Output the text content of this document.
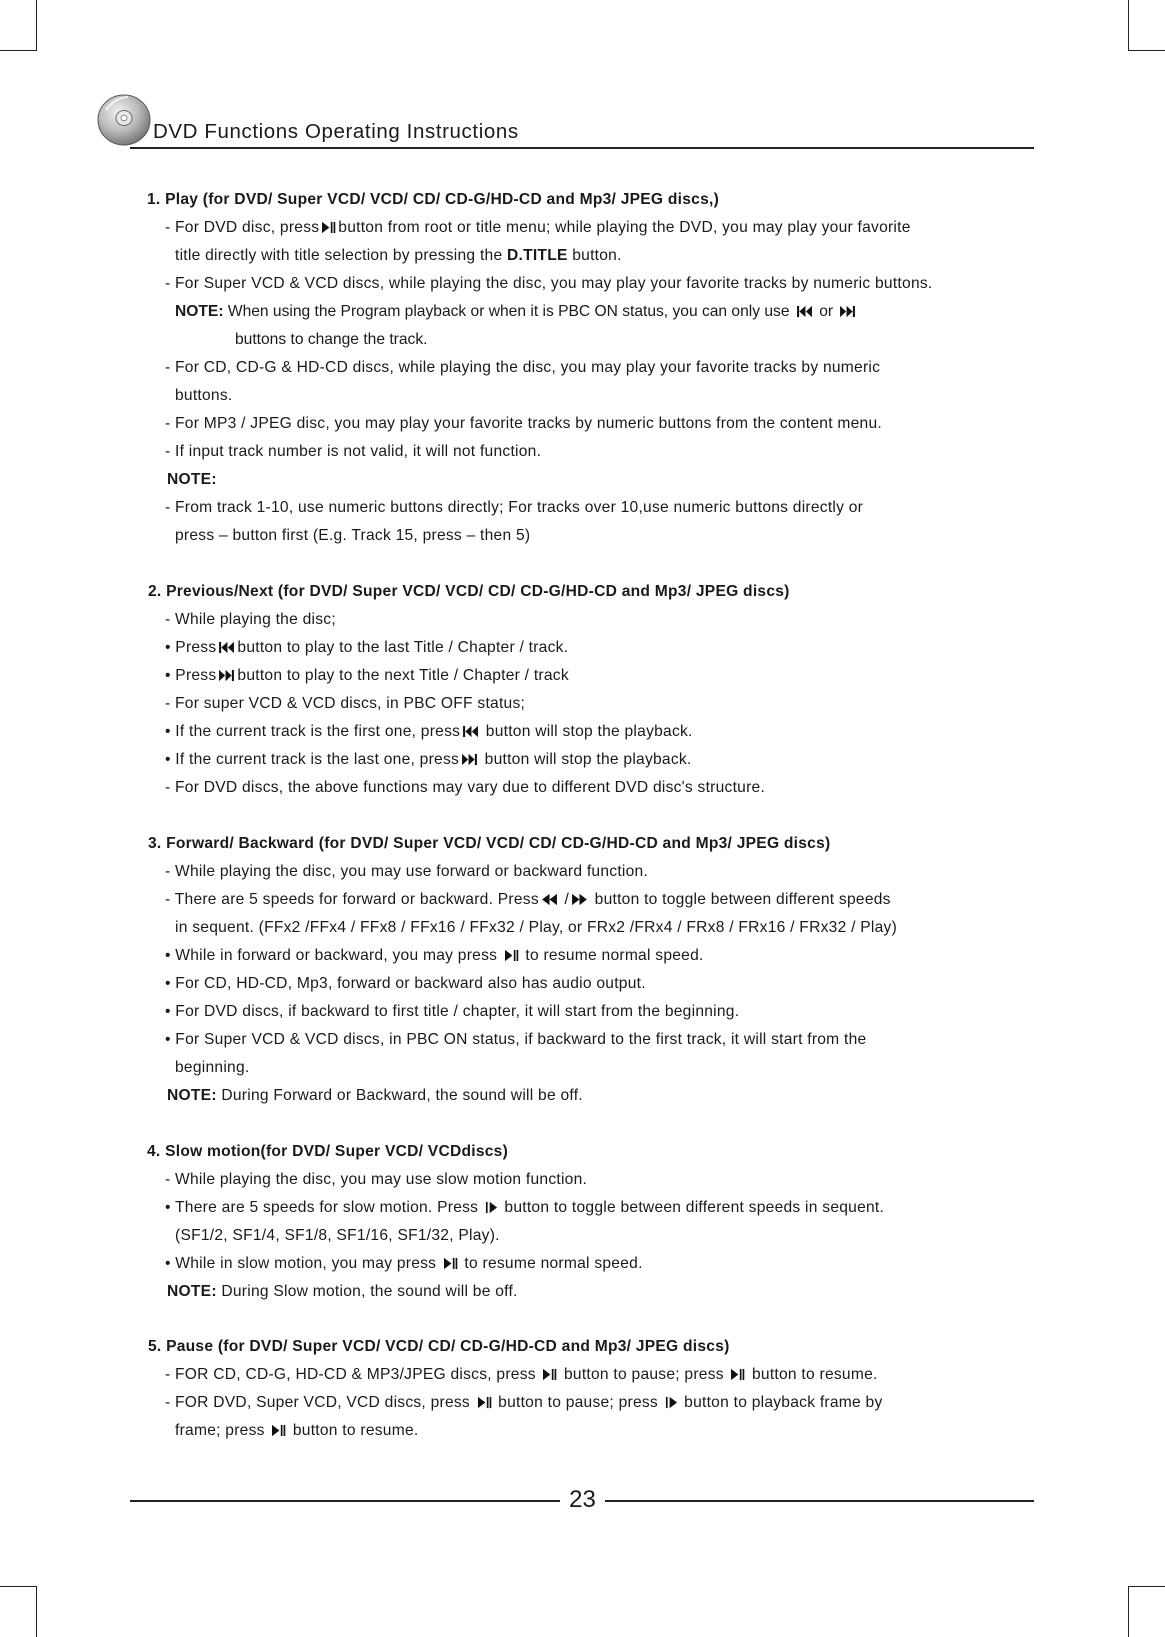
DVD Functions Operating Instructions
1. Play (for DVD/ Super VCD/ VCD/ CD/ CD-G/HD-CD and Mp3/ JPEG discs,)
- For DVD disc, press button from root or title menu; while playing the DVD, you may play your favorite
title directly with title selection by pressing the D.TITLE button.
- For Super VCD & VCD discs, while playing the disc, you may play your favorite tracks by numeric buttons.
NOTE: When using the Program playback or when it is PBC ON status, you can only use or
buttons to change the track.
- For CD, CD-G & HD-CD discs, while playing the disc, you may play your favorite tracks by numeric
buttons.
- For MP3 / JPEG disc, you may play your favorite tracks by numeric buttons from the content menu.
- If input track number is not valid, it will not function.
NOTE:
- From track 1-10, use numeric buttons directly; For tracks over 10,use numeric buttons directly or
press – button first (E.g. Track 15, press – then 5)
2. Previous/Next (for DVD/ Super VCD/ VCD/ CD/ CD-G/HD-CD and Mp3/ JPEG discs)
- While playing the disc;
• Press button to play to the last Title / Chapter / track.
• Press button to play to the next Title / Chapter / track
- For super VCD & VCD discs, in PBC OFF status;
• If the current track is the first one, press button will stop the playback.
• If the current track is the last one, press button will stop the playback.
- For DVD discs, the above functions may vary due to different DVD disc's structure.
3. Forward/ Backward (for DVD/ Super VCD/ VCD/ CD/ CD-G/HD-CD and Mp3/ JPEG discs)
- While playing the disc, you may use forward or backward function.
- There are 5 speeds for forward or backward. Press / button to toggle between different speeds
in sequent. (FFx2 /FFx4 / FFx8 / FFx16 / FFx32 / Play, or FRx2 /FRx4 / FRx8 / FRx16 / FRx32 / Play)
• While in forward or backward, you may press to resume normal speed.
• For CD, HD-CD, Mp3, forward or backward also has audio output.
• For DVD discs, if backward to first title / chapter, it will start from the beginning.
• For Super VCD & VCD discs, in PBC ON status, if backward to the first track, it will start from the
beginning.
NOTE: During Forward or Backward, the sound will be off.
4. Slow motion(for DVD/ Super VCD/ VCDdiscs)
- While playing the disc, you may use slow motion function.
• There are 5 speeds for slow motion. Press button to toggle between different speeds in sequent.
(SF1/2, SF1/4, SF1/8, SF1/16, SF1/32, Play).
• While in slow motion, you may press to resume normal speed.
NOTE: During Slow motion, the sound will be off.
5. Pause (for DVD/ Super VCD/ VCD/ CD/ CD-G/HD-CD and Mp3/ JPEG discs)
- FOR CD, CD-G, HD-CD & MP3/JPEG discs, press button to pause; press button to resume.
- FOR DVD, Super VCD, VCD discs, press button to pause; press button to playback frame by
frame; press button to resume.
23
